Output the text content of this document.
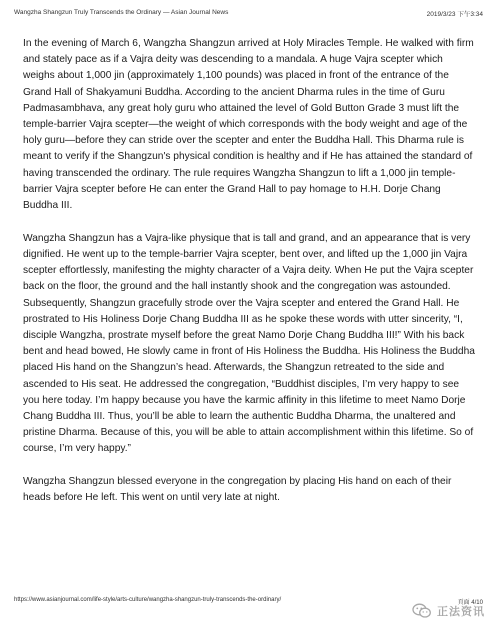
Wangzha Shangzun Truly Transcends the Ordinary — Asian Journal News	2019/3/23 下午3:34

In the evening of March 6, Wangzha Shangzun arrived at Holy Miracles Temple. He walked with firm and stately pace as if a Vajra deity was descending to a mandala. A huge Vajra scepter which weighs about 1,000 jin (approximately 1,100 pounds) was placed in front of the entrance of the Grand Hall of Shakyamuni Buddha. According to the ancient Dharma rules in the time of Guru Padmasambhava, any great holy guru who attained the level of Gold Button Grade 3 must lift the temple-barrier Vajra scepter—the weight of which corresponds with the body weight and age of the holy guru—before they can stride over the scepter and enter the Buddha Hall. This Dharma rule is meant to verify if the Shangzun's physical condition is healthy and if He has attained the standard of having transcended the ordinary. The rule requires Wangzha Shangzun to lift a 1,000 jin temple-barrier Vajra scepter before He can enter the Grand Hall to pay homage to H.H. Dorje Chang Buddha III.

Wangzha Shangzun has a Vajra-like physique that is tall and grand, and an appearance that is very dignified. He went up to the temple-barrier Vajra scepter, bent over, and lifted up the 1,000 jin Vajra scepter effortlessly, manifesting the mighty character of a Vajra deity. When He put the Vajra scepter back on the floor, the ground and the hall instantly shook and the congregation was astounded. Subsequently, Shangzun gracefully strode over the Vajra scepter and entered the Grand Hall. He prostrated to His Holiness Dorje Chang Buddha III as he spoke these words with utter sincerity, “I, disciple Wangzha, prostrate myself before the great Namo Dorje Chang Buddha III!” With his back bent and head bowed, He slowly came in front of His Holiness the Buddha. His Holiness the Buddha placed His hand on the Shangzun’s head. Afterwards, the Shangzun retreated to the side and ascended to His seat. He addressed the congregation, “Buddhist disciples, I’m very happy to see you here today. I’m happy because you have the karmic affinity in this lifetime to meet Namo Dorje Chang Buddha III. Thus, you’ll be able to learn the authentic Buddha Dharma, the unaltered and pristine Dharma. Because of this, you will be able to attain accomplishment within this lifetime. So of course, I’m very happy.”

Wangzha Shangzun blessed everyone in the congregation by placing His hand on each of their heads before He left. This went on until very late at night.

https://www.asianjournal.com/life-style/arts-culture/wangzha-shangzun-truly-transcends-the-ordinary/	頁面 4/10
正法资讯
